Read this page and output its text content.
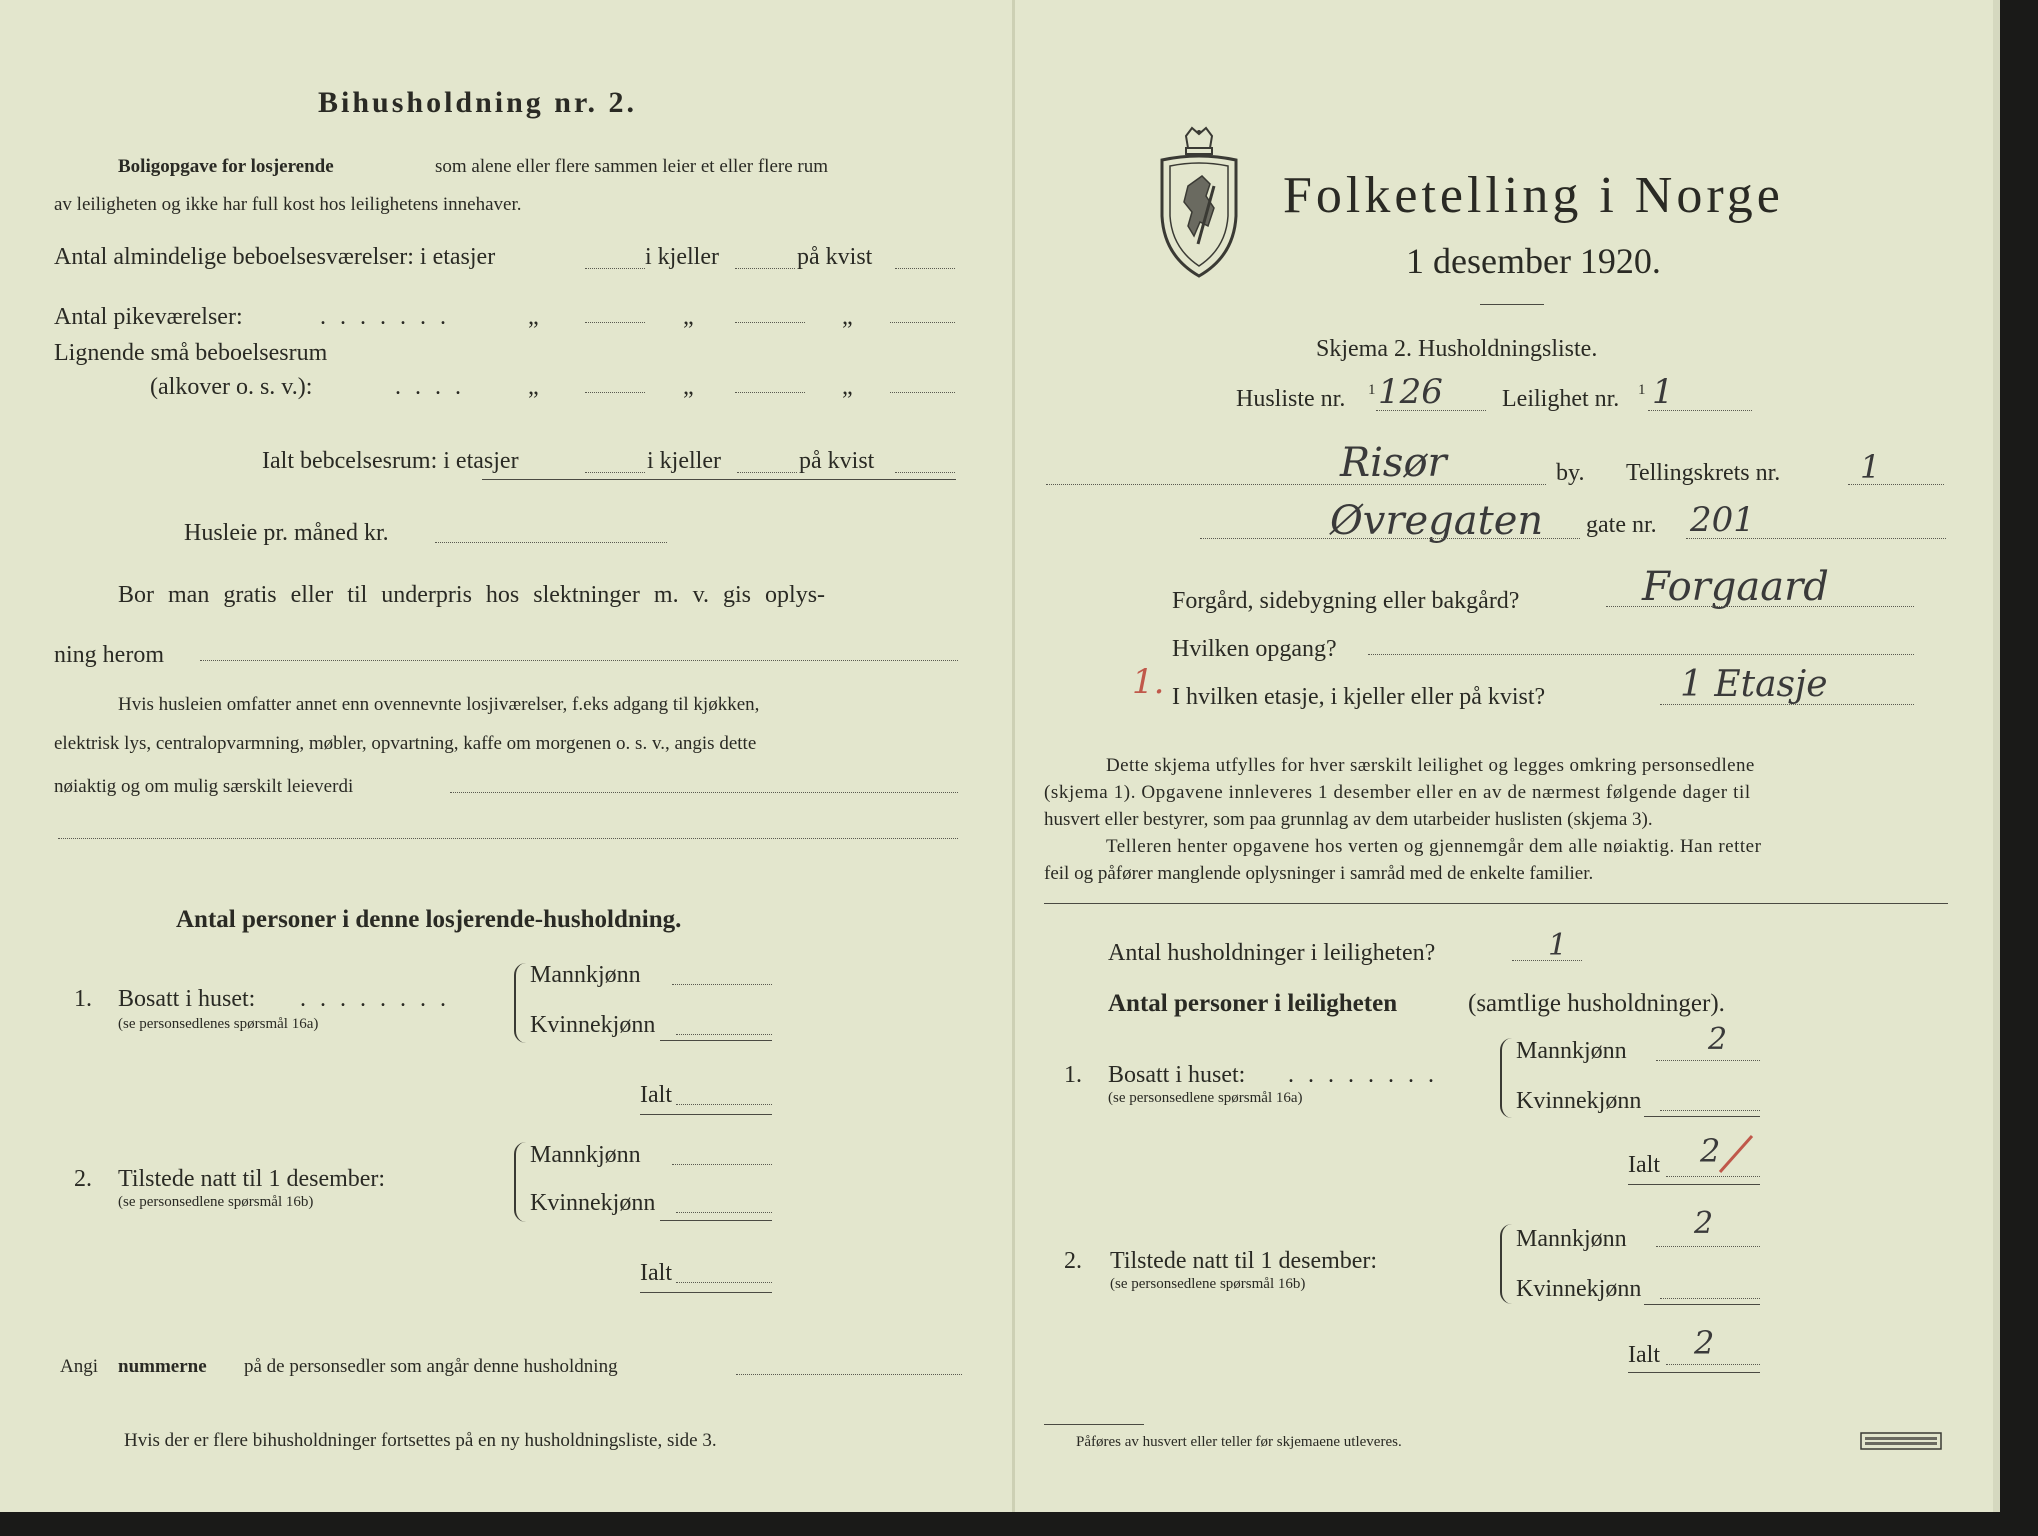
Bihusholdning nr. 2.
Boligopgave for losjerende	som alene eller flere sammen leier et eller flere rum
av leiligheten og ikke har full kost hos leilighetens innehaver.
Antal almindelige beboelsesværelser: i etasjer	i kjeller	på kvist
Antal pikeværelser:	. . . . . . .	„	„	„
Lignende små beboelsesrum
(alkover o. s. v.):	. . . .	„	„	„
Ialt bebcelsesrum: i etasjer	i kjeller	på kvist
Husleie pr. måned kr.
Bor man gratis eller til underpris hos slektninger m. v. gis oplys-
ning herom
Hvis husleien omfatter annet enn ovennevnte losjiværelser, f.eks adgang til kjøkken,
elektrisk lys, centralopvarmning, møbler, opvartning, kaffe om morgenen o. s. v., angis dette
nøiaktig og om mulig særskilt leieverdi
Antal personer i denne losjerende-husholdning.
1. Bosatt i huset: . . . . . . . .
(se personsedlenes spørsmål 16a)
Mannkjønn
Kvinnekjønn
Ialt
2. Tilstede natt til 1 desember:
(se personsedlene spørsmål 16b)
Mannkjønn
Kvinnekjønn
Ialt
Angi nummerne på de personsedler som angår denne husholdning
Hvis der er flere bihusholdninger fortsettes på en ny husholdningsliste, side 3.
Folketelling i Norge
1 desember 1920.
Skjema 2. Husholdningsliste.
Husliste nr. 1 126 Leilighet nr. 1 1
Risør	by. Tellingskrets nr. 1
Øvregaten gate nr. 201
Forgård, sidebygning eller bakgård?	Forgaard
Hvilken opgang?
1. I hvilken etasje, i kjeller eller på kvist?	1 Etasje
Dette skjema utfylles for hver særskilt leilighet og legges omkring personsedlene
(skjema 1). Opgavene innleveres 1 desember eller en av de nærmest følgende dager til
husvert eller bestyrer, som paa grunnlag av dem utarbeider huslisten (skjema 3).
Telleren henter opgavene hos verten og gjennemgår dem alle nøiaktig. Han retter
feil og påfører manglende oplysninger i samråd med de enkelte familier.
Antal husholdninger i leiligheten?	1
Antal personer i leiligheten	(samtlige husholdninger).
1. Bosatt i huset: . . . . . . . .
(se personsedlene spørsmål 16a)
Mannkjønn	2
Kvinnekjønn
Ialt 2
2. Tilstede natt til 1 desember:
(se personsedlene spørsmål 16b)
Mannkjønn 2
Kvinnekjønn
Ialt 2
Påføres av husvert eller teller før skjemaene utleveres.
